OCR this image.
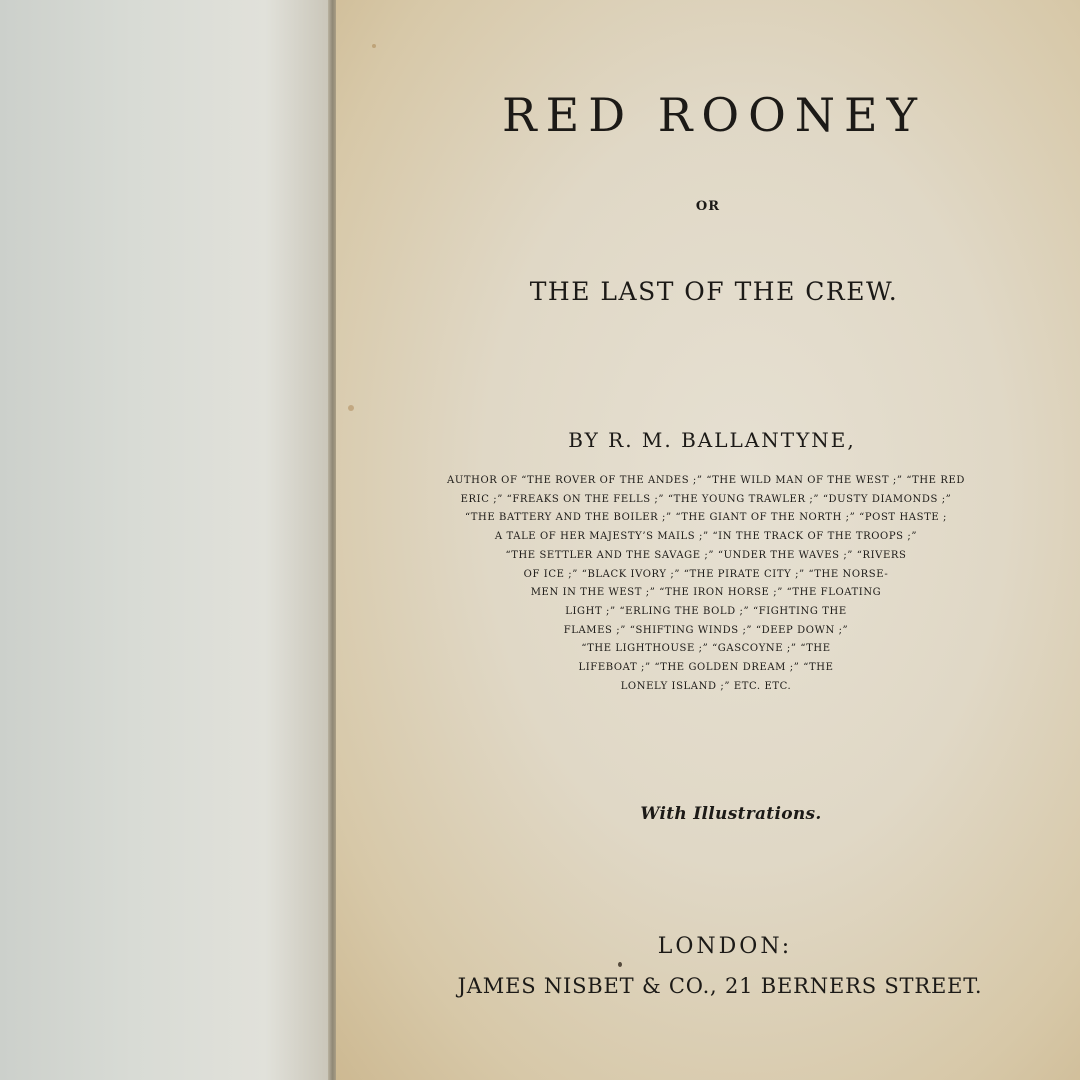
RED ROONEY
OR
THE LAST OF THE CREW.
BY R. M. BALLANTYNE,
AUTHOR OF “THE ROVER OF THE ANDES ;” “THE WILD MAN OF THE WEST ;” “THE RED
ERIC ;” “FREAKS ON THE FELLS ;” “THE YOUNG TRAWLER ;” “DUSTY DIAMONDS ;”
“THE BATTERY AND THE BOILER ;” “THE GIANT OF THE NORTH ;” “POST HASTE ;
A TALE OF HER MAJESTY’S MAILS ;” “IN THE TRACK OF THE TROOPS ;”
“THE SETTLER AND THE SAVAGE ;” “UNDER THE WAVES ;” “RIVERS
OF ICE ;” “BLACK IVORY ;” “THE PIRATE CITY ;” “THE NORSE-
MEN IN THE WEST ;” “THE IRON HORSE ;” “THE FLOATING
LIGHT ;” “ERLING THE BOLD ;” “FIGHTING THE
FLAMES ;” “SHIFTING WINDS ;” “DEEP DOWN ;”
“THE LIGHTHOUSE ;” “GASCOYNE ;” “THE
LIFEBOAT ;” “THE GOLDEN DREAM ;” “THE
LONELY ISLAND ;” ETC. ETC.
With Illustrations.
LONDON:
JAMES NISBET & CO., 21 BERNERS STREET.
